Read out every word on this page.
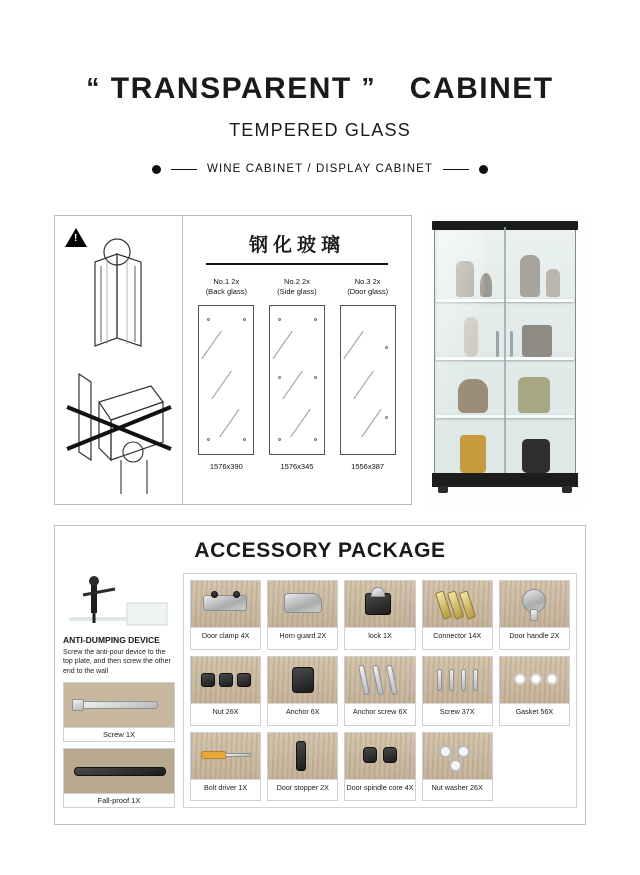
“ TRANSPARENT ” CABINET
TEMPERED GLASS
WINE CABINET / DISPLAY CABINET
!
钢化玻璃
No.1 2x
(Back glass)
1576x390
No.2 2x
(Side glass)
1576x345
No.3 2x
(Door glass)
1556x387
ACCESSORY PACKAGE
ANTI-DUMPING DEVICE
Screw the anti-pour device to the top plate, and then screw the other end to the wall
Screw 1X
Fall-proof 1X
Door clamp 4X	Horn guard 2X	lock 1X	Connector 14X	Door handle 2X
Nut 26X	Anchor 6X	Anchor screw 6X	Screw 37X	Gasket 56X
Bolt driver 1X	Door stopper 2X	Door spindle core 4X	Nut washer 26X
